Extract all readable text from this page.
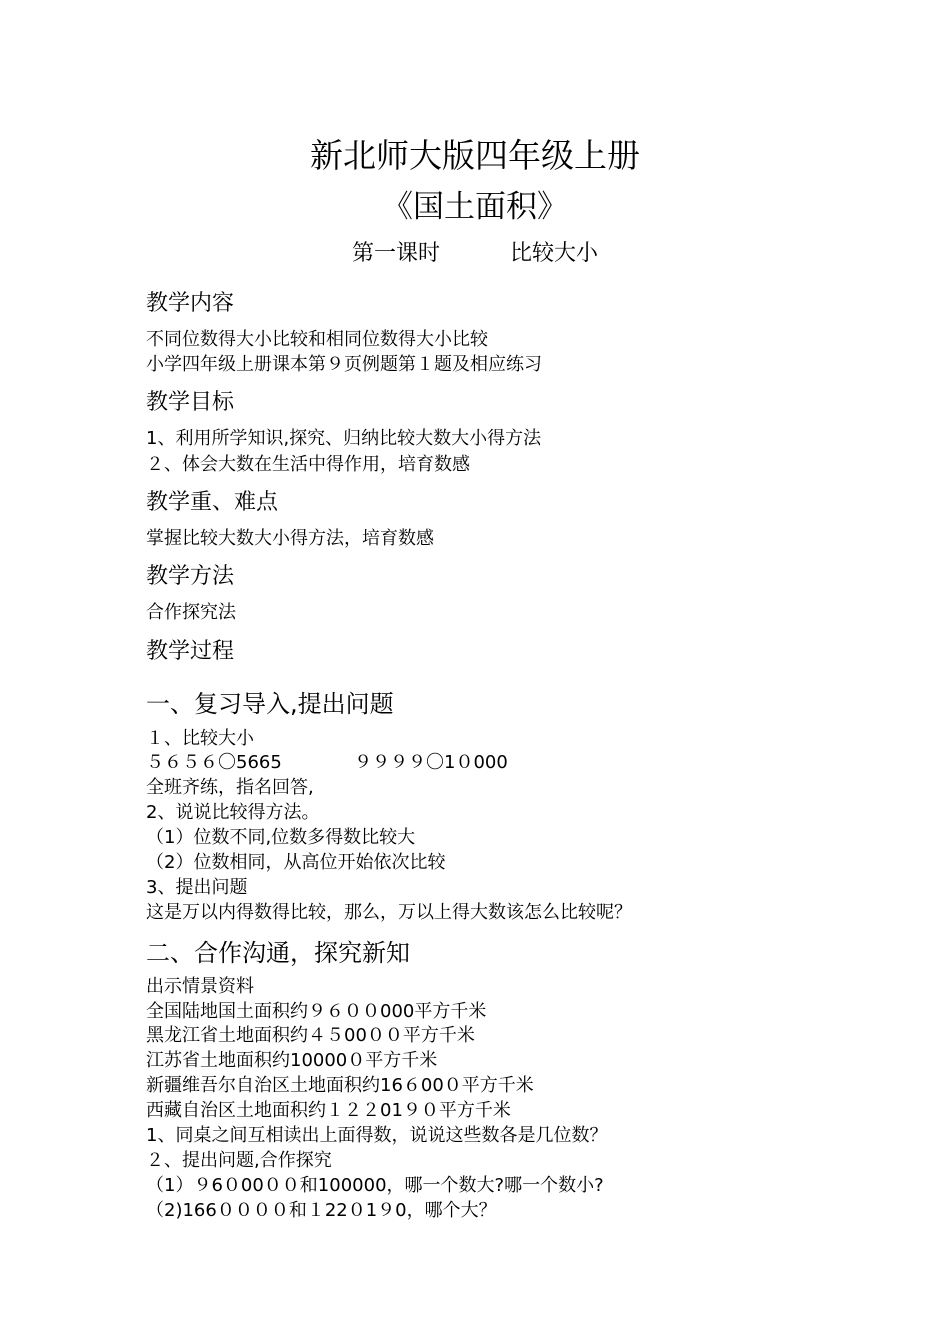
新北师大版四年级上册
《国土面积》
第一课时	比较大小
教学内容
不同位数得大小比较和相同位数得大小比较
小学四年级上册课本第９页例题第１题及相应练习
教学目标
1、利用所学知识,探究、归纳比较大数大小得方法
２、体会大数在生活中得作用，培育数感
教学重、难点
掌握比较大数大小得方法，培育数感
教学方法
合作探究法
教学过程
一、复习导入,提出问题
１、比较大小
５６５６〇5665	９９９９〇1０000
全班齐练，指名回答,
2、说说比较得方法。
（1）位数不同,位数多得数比较大
（2）位数相同，从高位开始依次比较
3、提出问题
这是万以内得数得比较，那么，万以上得大数该怎么比较呢？
二、合作沟通，探究新知
出示情景资料
全国陆地国土面积约９６００000平方千米
黑龙江省土地面积约４５00００平方千米
江苏省土地面积约10000０平方千米
新疆维吾尔自治区土地面积约16６00０平方千米
西藏自治区土地面积约１２２01９０平方千米
1、同桌之间互相读出上面得数，说说这些数各是几位数？
２、提出问题,合作探究
（1）９6０00００和100000，哪一个数大?哪一个数小?
（2)166００００和１22０1９0，哪个大？
